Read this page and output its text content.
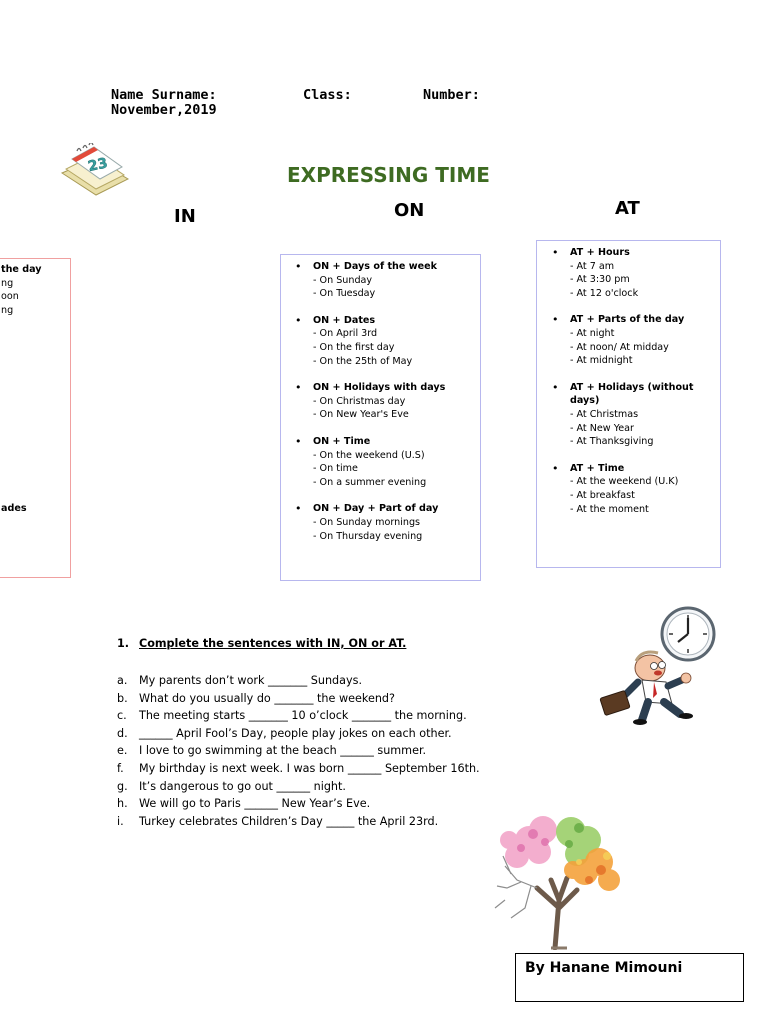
Name Surname:	Class:	Number:
November,2019
23	EXPRESSING TIME
IN	ON	AT
the day
ng
oon
ng
ades
• ON + Days of the week
- On Sunday
- On Tuesday
• ON + Dates
- On April 3rd
- On the first day
- On the 25th of May
• ON + Holidays with days
- On Christmas day
- On New Year's Eve
• ON + Time
- On the weekend (U.S)
- On time
- On a summer evening
• ON + Day + Part of day
- On Sunday mornings
- On Thursday evening
• AT + Hours
- At 7 am
- At 3:30 pm
- At 12 o'clock
• AT + Parts of the day
- At night
- At noon/ At midday
- At midnight
• AT + Holidays (without days)
- At Christmas
- At New Year
- At Thanksgiving
• AT + Time
- At the weekend (U.K)
- At breakfast
- At the moment
1. Complete the sentences with IN, ON or AT.
a. My parents don’t work _______ Sundays.
b. What do you usually do _______ the weekend?
c. The meeting starts _______ 10 o’clock _______ the morning.
d. ______ April Fool’s Day, people play jokes on each other.
e. I love to go swimming at the beach ______ summer.
f. My birthday is next week. I was born ______ September 16th.
g. It’s dangerous to go out ______ night.
h. We will go to Paris ______ New Year’s Eve.
i. Turkey celebrates Children’s Day _____ the April 23rd.
By Hanane Mimouni
